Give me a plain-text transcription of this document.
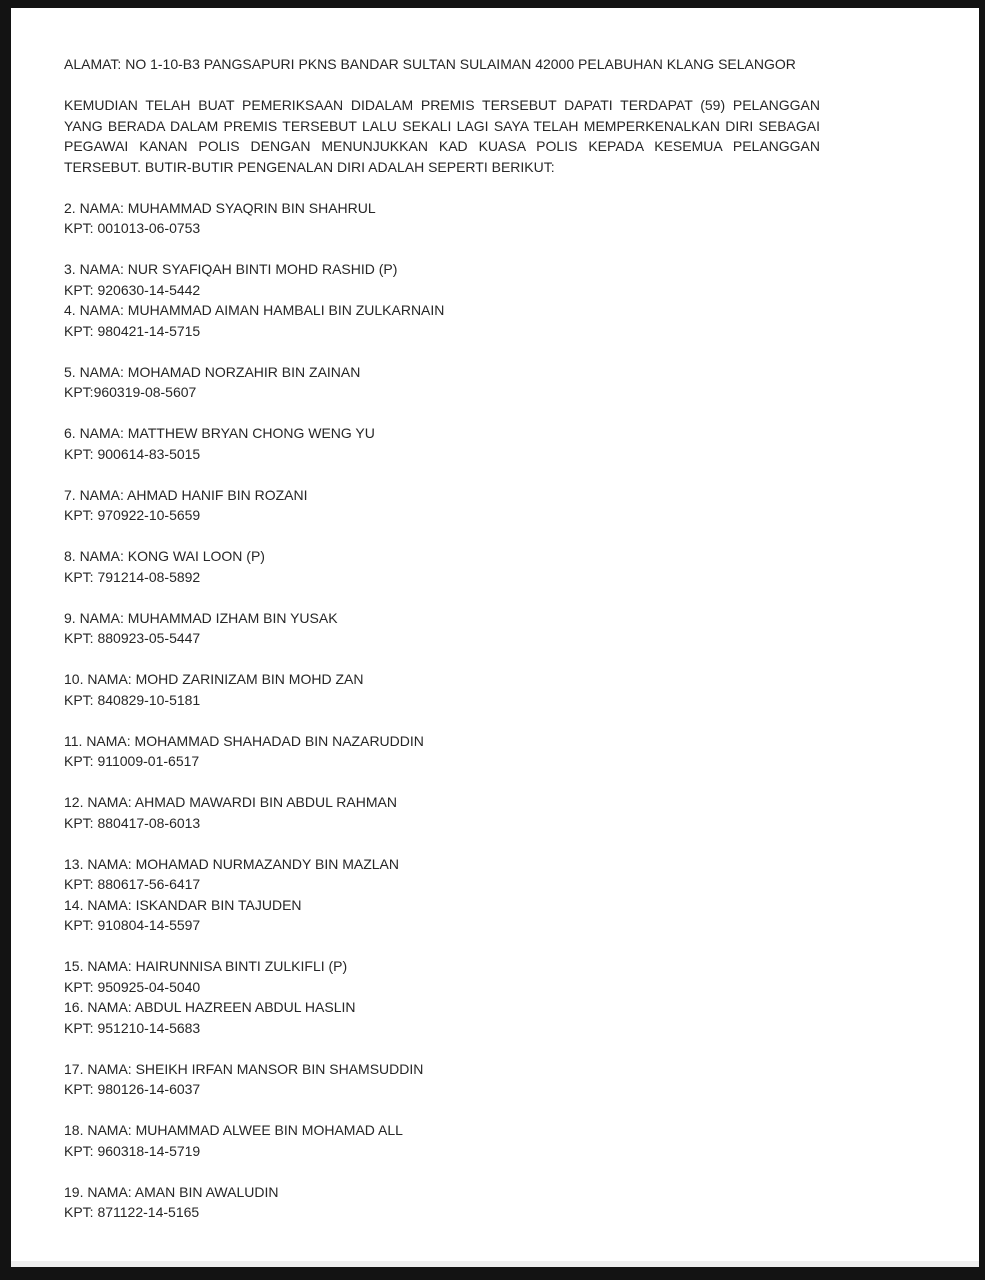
ALAMAT: NO 1-10-B3 PANGSAPURI PKNS BANDAR SULTAN SULAIMAN 42000 PELABUHAN KLANG SELANGOR
KEMUDIAN TELAH BUAT PEMERIKSAAN DIDALAM PREMIS TERSEBUT DAPATI TERDAPAT (59) PELANGGAN
YANG BERADA DALAM PREMIS TERSEBUT LALU SEKALI LAGI SAYA TELAH MEMPERKENALKAN DIRI SEBAGAI
PEGAWAI KANAN POLIS DENGAN MENUNJUKKAN KAD KUASA POLIS KEPADA KESEMUA PELANGGAN
TERSEBUT. BUTIR-BUTIR PENGENALAN DIRI ADALAH SEPERTI BERIKUT:
2. NAMA: MUHAMMAD SYAQRIN BIN SHAHRUL
KPT: 001013-06-0753
3. NAMA: NUR SYAFIQAH BINTI MOHD RASHID (P)
KPT: 920630-14-5442
4. NAMA: MUHAMMAD AIMAN HAMBALI BIN ZULKARNAIN
KPT: 980421-14-5715
5. NAMA: MOHAMAD NORZAHIR BIN ZAINAN
KPT:960319-08-5607
6. NAMA: MATTHEW BRYAN CHONG WENG YU
KPT: 900614-83-5015
7. NAMA: AHMAD HANIF BIN ROZANI
KPT: 970922-10-5659
8. NAMA: KONG WAI LOON (P)
KPT: 791214-08-5892
9. NAMA: MUHAMMAD IZHAM BIN YUSAK
KPT: 880923-05-5447
10. NAMA: MOHD ZARINIZAM BIN MOHD ZAN
KPT: 840829-10-5181
11. NAMA: MOHAMMAD SHAHADAD BIN NAZARUDDIN
KPT: 911009-01-6517
12. NAMA: AHMAD MAWARDI BIN ABDUL RAHMAN
KPT: 880417-08-6013
13. NAMA: MOHAMAD NURMAZANDY BIN MAZLAN
KPT: 880617-56-6417
14. NAMA: ISKANDAR BIN TAJUDEN
KPT: 910804-14-5597
15. NAMA: HAIRUNNISA BINTI ZULKIFLI (P)
KPT: 950925-04-5040
16. NAMA: ABDUL HAZREEN ABDUL HASLIN
KPT: 951210-14-5683
17. NAMA: SHEIKH IRFAN MANSOR BIN SHAMSUDDIN
KPT: 980126-14-6037
18. NAMA: MUHAMMAD ALWEE BIN MOHAMAD ALL
KPT: 960318-14-5719
19. NAMA: AMAN BIN AWALUDIN
KPT: 871122-14-5165
